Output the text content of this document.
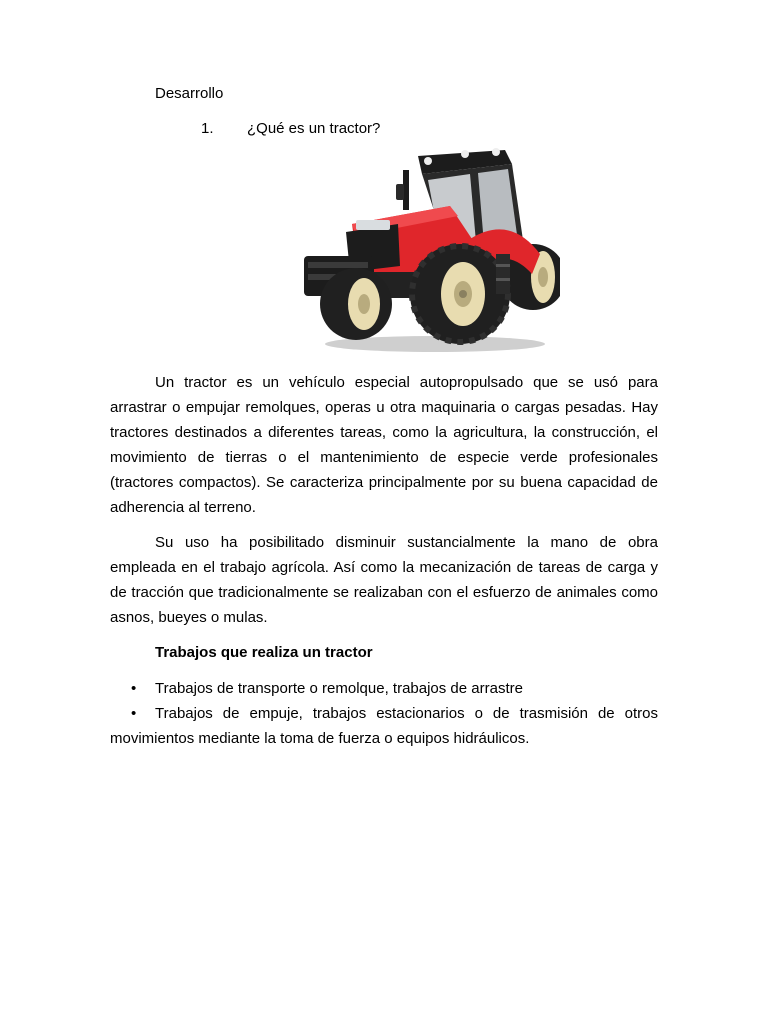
Desarrollo
1. ¿Qué es un tractor?

Un tractor es un vehículo especial autopropulsado que se usó para arrastrar o empujar remolques, operas u otra maquinaria o cargas pesadas. Hay tractores destinados a diferentes tareas, como la agricultura, la construcción, el movimiento de tierras o el mantenimiento de especie verde profesionales (tractores compactos). Se caracteriza principalmente por su buena capacidad de adherencia al terreno.

Su uso ha posibilitado disminuir sustancialmente la mano de obra empleada en el trabajo agrícola. Así como la mecanización de tareas de carga y de tracción que tradicionalmente se realizaban con el esfuerzo de animales como asnos, bueyes o mulas.

Trabajos que realiza un tractor
• Trabajos de transporte o remolque, trabajos de arrastre
• Trabajos de empuje, trabajos estacionarios o de trasmisión de otros movimientos mediante la toma de fuerza o equipos hidráulicos.
